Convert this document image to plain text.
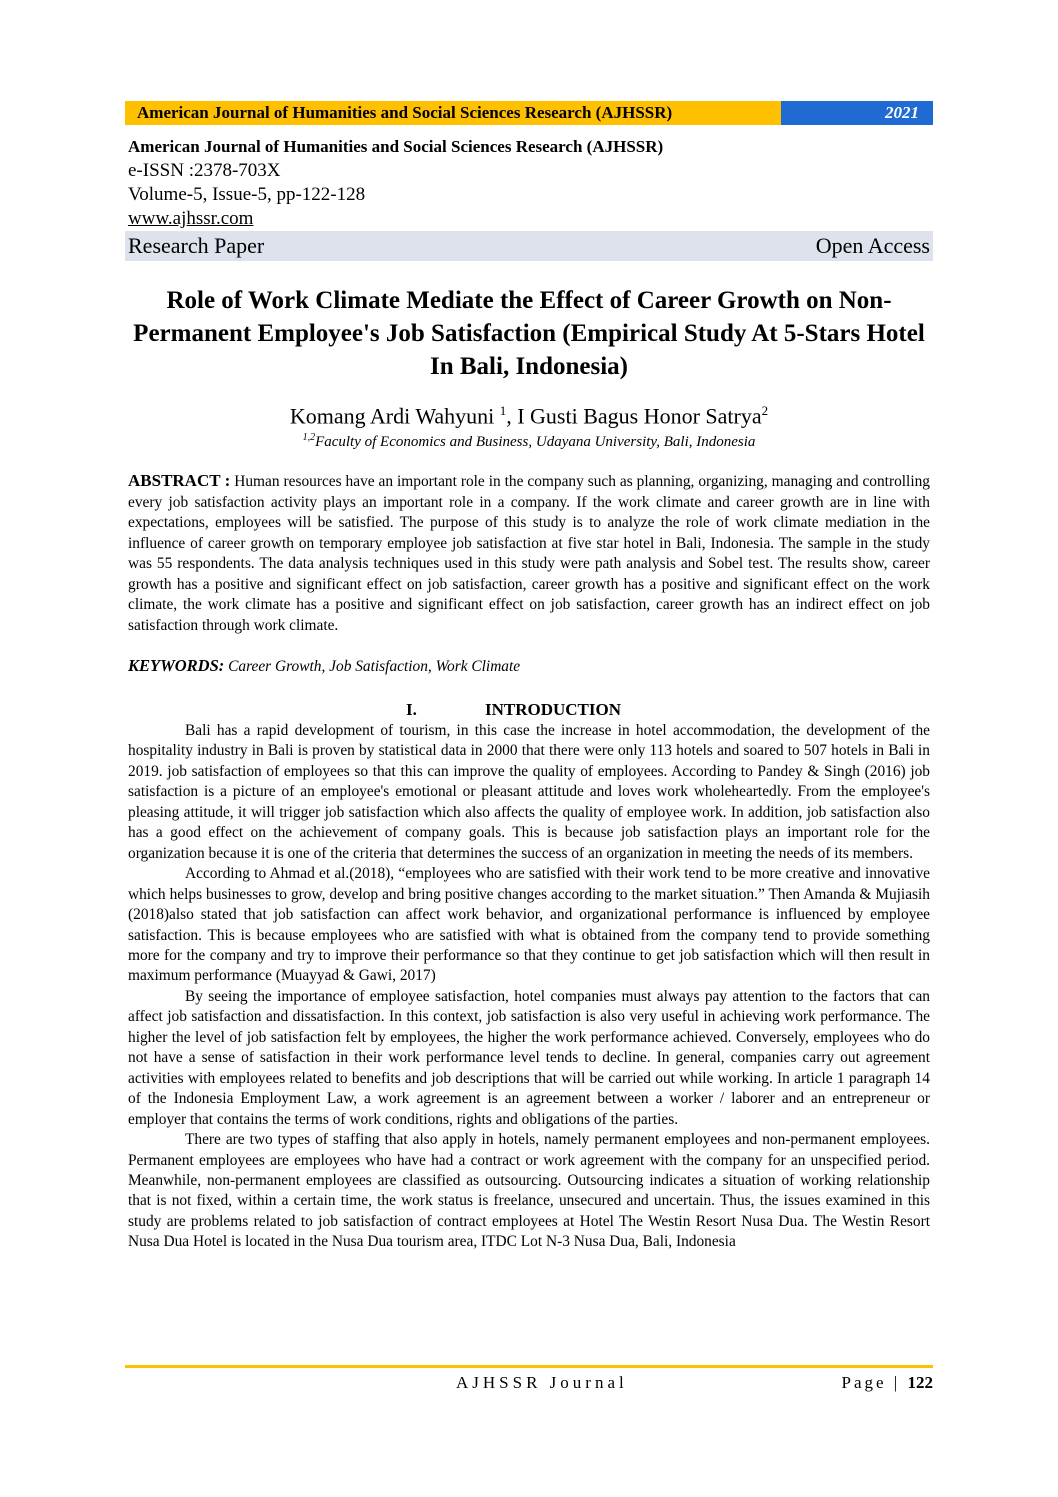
American Journal of Humanities and Social Sciences Research (AJHSSR)	2021
American Journal of Humanities and Social Sciences Research (AJHSSR)
e-ISSN :2378-703X
Volume-5, Issue-5, pp-122-128
www.ajhssr.com
Research Paper	Open Access
Role of Work Climate Mediate the Effect of Career Growth on Non-Permanent Employee's Job Satisfaction (Empirical Study At 5-Stars Hotel In Bali, Indonesia)
Komang Ardi Wahyuni $^1$, I Gusti Bagus Honor Satrya$^2$
$^{1,2}$Faculty of Economics and Business, Udayana University, Bali, Indonesia
ABSTRACT : Human resources have an important role in the company such as planning, organizing, managing and controlling every job satisfaction activity plays an important role in a company. If the work climate and career growth are in line with expectations, employees will be satisfied. The purpose of this study is to analyze the role of work climate mediation in the influence of career growth on temporary employee job satisfaction at five star hotel in Bali, Indonesia. The sample in the study was 55 respondents. The data analysis techniques used in this study were path analysis and Sobel test. The results show, career growth has a positive and significant effect on job satisfaction, career growth has a positive and significant effect on the work climate, the work climate has a positive and significant effect on job satisfaction, career growth has an indirect effect on job satisfaction through work climate.
KEYWORDS: Career Growth, Job Satisfaction, Work Climate
I.	INTRODUCTION

Bali has a rapid development of tourism, in this case the increase in hotel accommodation, the development of the hospitality industry in Bali is proven by statistical data in 2000 that there were only 113 hotels and soared to 507 hotels in Bali in 2019. job satisfaction of employees so that this can improve the quality of employees. According to Pandey & Singh (2016) job satisfaction is a picture of an employee's emotional or pleasant attitude and loves work wholeheartedly. From the employee's pleasing attitude, it will trigger job satisfaction which also affects the quality of employee work. In addition, job satisfaction also has a good effect on the achievement of company goals. This is because job satisfaction plays an important role for the organization because it is one of the criteria that determines the success of an organization in meeting the needs of its members.

According to Ahmad et al.(2018), “employees who are satisfied with their work tend to be more creative and innovative which helps businesses to grow, develop and bring positive changes according to the market situation.” Then Amanda & Mujiasih (2018)also stated that job satisfaction can affect work behavior, and organizational performance is influenced by employee satisfaction. This is because employees who are satisfied with what is obtained from the company tend to provide something more for the company and try to improve their performance so that they continue to get job satisfaction which will then result in maximum performance (Muayyad & Gawi, 2017)

By seeing the importance of employee satisfaction, hotel companies must always pay attention to the factors that can affect job satisfaction and dissatisfaction. In this context, job satisfaction is also very useful in achieving work performance. The higher the level of job satisfaction felt by employees, the higher the work performance achieved. Conversely, employees who do not have a sense of satisfaction in their work performance level tends to decline. In general, companies carry out agreement activities with employees related to benefits and job descriptions that will be carried out while working. In article 1 paragraph 14 of the Indonesia Employment Law, a work agreement is an agreement between a worker / laborer and an entrepreneur or employer that contains the terms of work conditions, rights and obligations of the parties.

There are two types of staffing that also apply in hotels, namely permanent employees and non-permanent employees. Permanent employees are employees who have had a contract or work agreement with the company for an unspecified period. Meanwhile, non-permanent employees are classified as outsourcing. Outsourcing indicates a situation of working relationship that is not fixed, within a certain time, the work status is freelance, unsecured and uncertain. Thus, the issues examined in this study are problems related to job satisfaction of contract employees at Hotel The Westin Resort Nusa Dua. The Westin Resort Nusa Dua Hotel is located in the Nusa Dua tourism area, ITDC Lot N-3 Nusa Dua, Bali, Indonesia

AJHSSR Journal	Page | 122
